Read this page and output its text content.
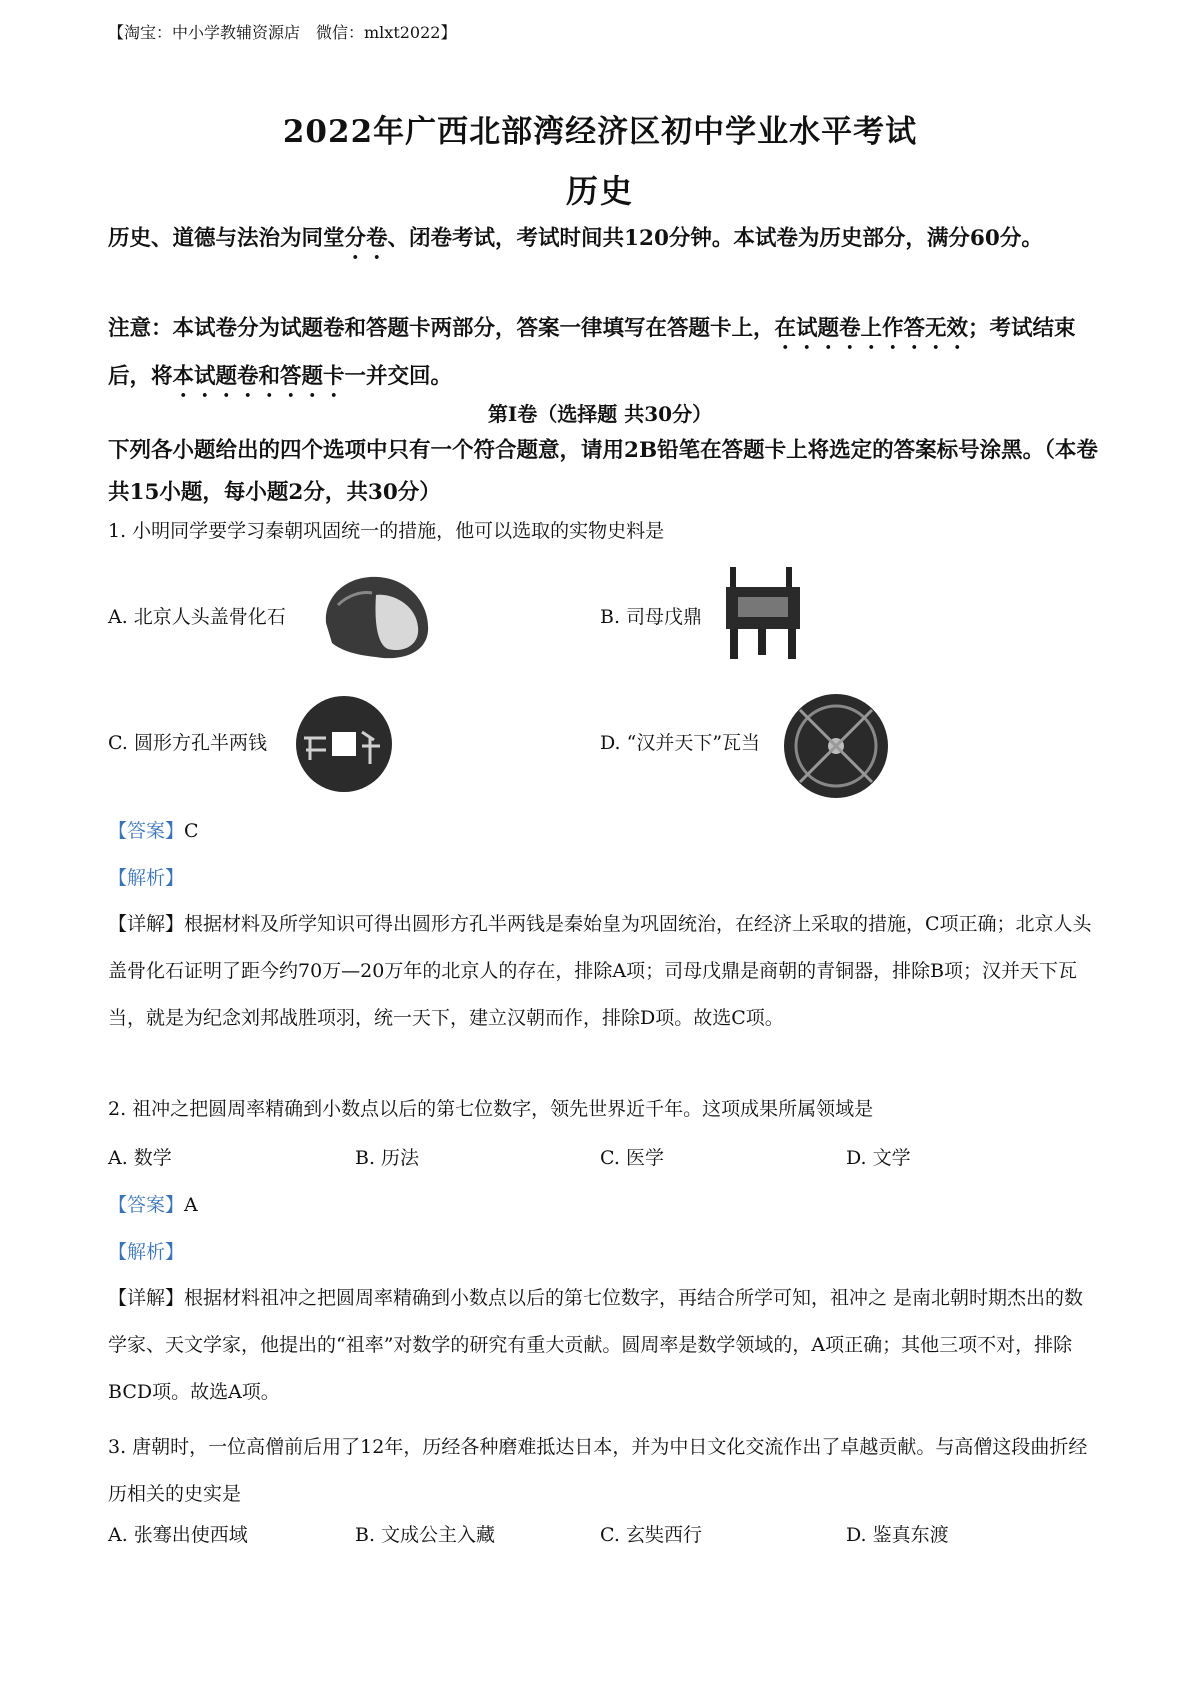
【淘宝：中小学教辅资源店　微信：mlxt2022】
2022年广西北部湾经济区初中学业水平考试
历史
历史、道德与法治为同堂分卷、闭卷考试，考试时间共120分钟。本试卷为历史部分，满分60分。
注意：本试卷分为试题卷和答题卡两部分，答案一律填写在答题卡上，在试题卷上作答无效；考试结束后，将本试题卷和答题卡一并交回。
第Ⅰ卷（选择题 共30分）
下列各小题给出的四个选项中只有一个符合题意，请用2B铅笔在答题卡上将选定的答案标号涂黑。（本卷共15小题，每小题2分，共30分）
1. 小明同学要学习秦朝巩固统一的措施，他可以选取的实物史料是
A. 北京人头盖骨化石	B. 司母戊鼎
C. 圆形方孔半两钱	D. “汉并天下”瓦当
【答案】C
【解析】
【详解】根据材料及所学知识可得出圆形方孔半两钱是秦始皇为巩固统治，在经济上采取的措施，C项正确；北京人头盖骨化石证明了距今约70万—20万年的北京人的存在，排除A项；司母戊鼎是商朝的青铜器，排除B项；汉并天下瓦当，就是为纪念刘邦战胜项羽，统一天下，建立汉朝而作，排除D项。故选C项。
2. 祖冲之把圆周率精确到小数点以后的第七位数字，领先世界近千年。这项成果所属领域是
A. 数学	B. 历法	C. 医学	D. 文学
【答案】A
【解析】
【详解】根据材料祖冲之把圆周率精确到小数点以后的第七位数字，再结合所学可知，祖冲之 是南北朝时期杰出的数学家、天文学家，他提出的“祖率”对数学的研究有重大贡献。圆周率是数学领域的，A项正确；其他三项不对，排除BCD项。故选A项。
3. 唐朝时，一位高僧前后用了12年，历经各种磨难抵达日本，并为中日文化交流作出了卓越贡献。与高僧这段曲折经历相关的史实是
A. 张骞出使西域	B. 文成公主入藏	C. 玄奘西行	D. 鉴真东渡
